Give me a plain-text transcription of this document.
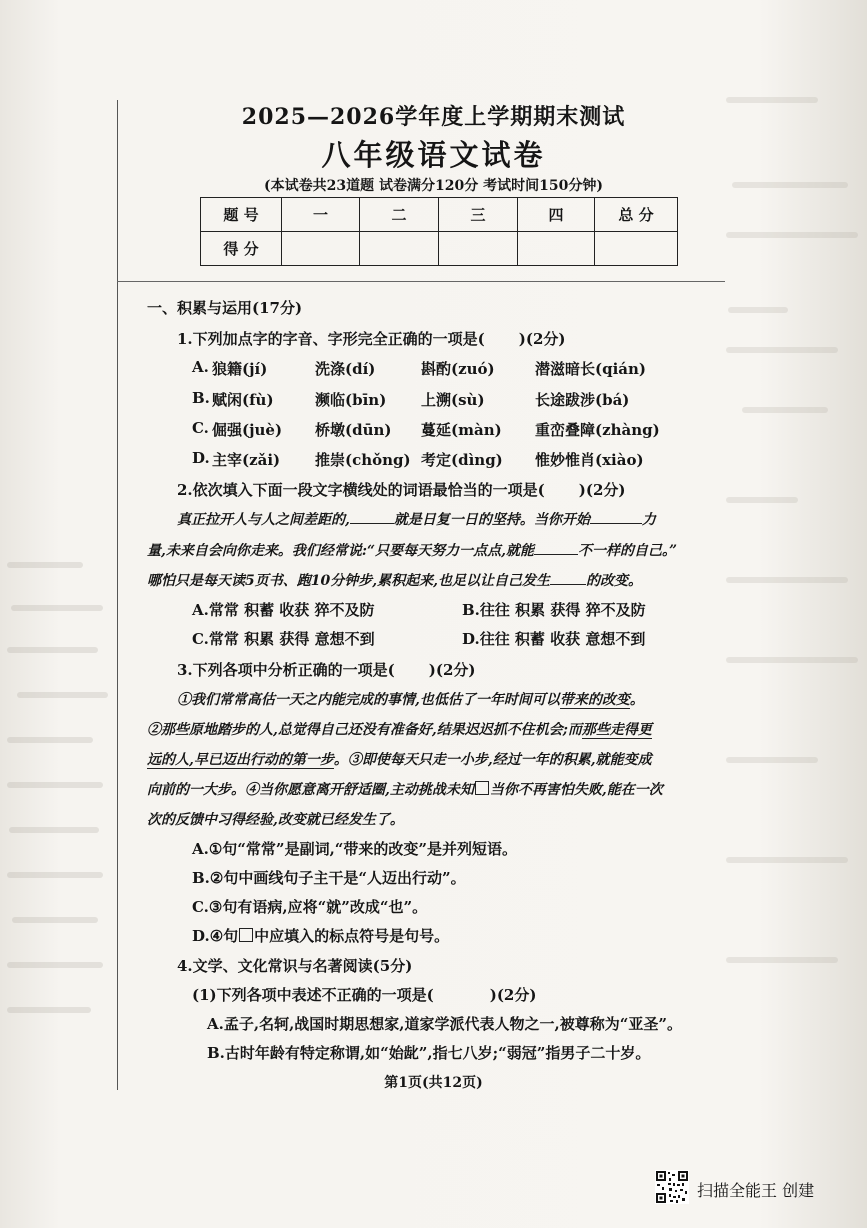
2025—2026学年度上学期期末测试
八年级语文试卷
(本试卷共23道题 试卷满分120分 考试时间150分钟)
题 号	一	二	三	四	总 分
得 分					
一、积累与运用(17分)
1.下列加点字的字音、字形完全正确的一项是( )(2分)
A. 狼籍(jí)	洗涤(dí)	斟酌(zuó)	潜滋暗长(qián)
B. 赋闲(fù)	濒临(bīn) 上溯(sù)	长途跋涉(bá)
C. 倔强(juè) 桥墩(dūn) 蔓延(màn) 重峦叠障(zhàng)
D. 主宰(zǎi) 推崇(chǒng) 考定(dìng) 惟妙惟肖(xiào)
2.依次填入下面一段文字横线处的词语最恰当的一项是( )(2分)
真正拉开人与人之间差距的,	就是日复一日的坚持。当你开始	力
量,未来自会向你走来。我们经常说:“只要每天努力一点点,就能	不一样的自己。”
哪怕只是每天读5页书、跑10分钟步,累积起来,也足以让自己发生	的改变。
A.常常 积蓄 收获 猝不及防	B.往往 积累 获得 猝不及防
C.常常 积累 获得 意想不到	D.往往 积蓄 收获 意想不到
3.下列各项中分析正确的一项是( )(2分)
①我们常常高估一天之内能完成的事情,也低估了一年时间可以带来的改变。
②那些原地踏步的人,总觉得自己还没有准备好,结果迟迟抓不住机会;而那些走得更
远的人,早已迈出行动的第一步。③即使每天只走一小步,经过一年的积累,就能变成
向前的一大步。④当你愿意离开舒适圈,主动挑战未知 当你不再害怕失败,能在一次
次的反馈中习得经验,改变就已经发生了。
A.①句“常常”是副词,“带来的改变”是并列短语。
B.②句中画线句子主干是“人迈出行动”。
C.③句有语病,应将“就”改成“也”。
D.④句 中应填入的标点符号是句号。
4.文学、文化常识与名著阅读(5分)
(1)下列各项中表述不正确的一项是(	)(2分)
A.孟子,名轲,战国时期思想家,道家学派代表人物之一,被尊称为“亚圣”。
B.古时年龄有特定称谓,如“始龀”,指七八岁;“弱冠”指男子二十岁。
第1页(共12页)
扫描全能王 创建
